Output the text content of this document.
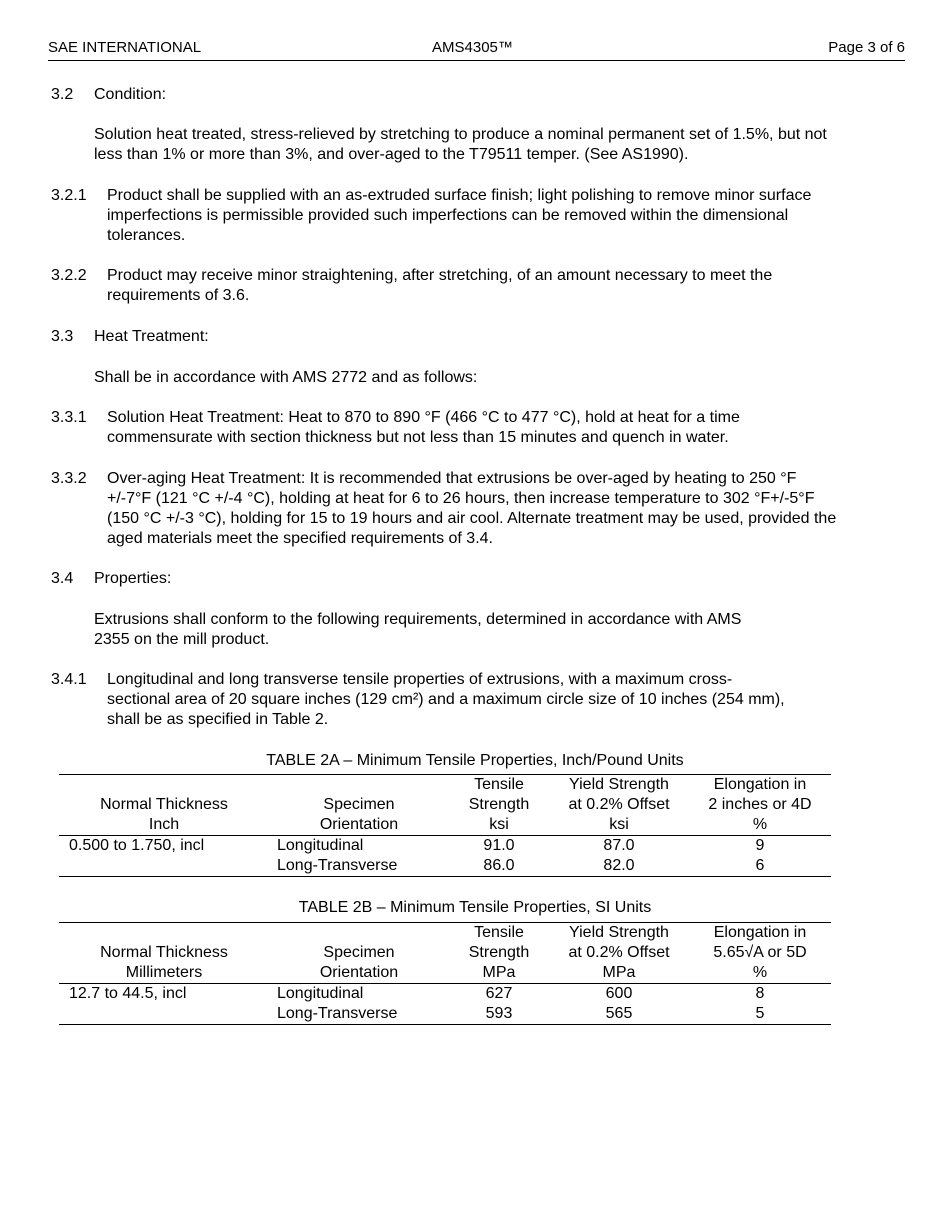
SAE INTERNATIONAL	AMS4305™	Page 3 of 6
3.2 Condition:
Solution heat treated, stress-relieved by stretching to produce a nominal permanent set of 1.5%, but not less than 1% or more than 3%, and over-aged to the T79511 temper. (See AS1990).
3.2.1 Product shall be supplied with an as-extruded surface finish; light polishing to remove minor surface imperfections is permissible provided such imperfections can be removed within the dimensional tolerances.
3.2.2 Product may receive minor straightening, after stretching, of an amount necessary to meet the requirements of 3.6.
3.3 Heat Treatment:
Shall be in accordance with AMS 2772 and as follows:
3.3.1 Solution Heat Treatment: Heat to 870 to 890 °F (466 °C to 477 °C), hold at heat for a time commensurate with section thickness but not less than 15 minutes and quench in water.
3.3.2 Over-aging Heat Treatment: It is recommended that extrusions be over-aged by heating to 250 °F +/-7°F (121 °C +/-4 °C), holding at heat for 6 to 26 hours, then increase temperature to 302 °F+/-5°F (150 °C +/-3 °C), holding for 15 to 19 hours and air cool. Alternate treatment may be used, provided the aged materials meet the specified requirements of 3.4.
3.4 Properties:
Extrusions shall conform to the following requirements, determined in accordance with AMS 2355 on the mill product.
3.4.1 Longitudinal and long transverse tensile properties of extrusions, with a maximum cross-sectional area of 20 square inches (129 cm²) and a maximum circle size of 10 inches (254 mm), shall be as specified in Table 2.
TABLE 2A – Minimum Tensile Properties, Inch/Pound Units
		Tensile	Yield Strength	Elongation in
Normal Thickness	Specimen	Strength	at 0.2% Offset	2 inches or 4D
Inch	Orientation	ksi	ksi	%
0.500 to 1.750, incl	Longitudinal	91.0	87.0	9
	Long-Transverse	86.0	82.0	6
TABLE 2B – Minimum Tensile Properties, SI Units
		Tensile	Yield Strength	Elongation in
Normal Thickness	Specimen	Strength	at 0.2% Offset	5.65√A or 5D
Millimeters	Orientation	MPa	MPa	%
12.7 to 44.5, incl	Longitudinal	627	600	8
	Long-Transverse	593	565	5
